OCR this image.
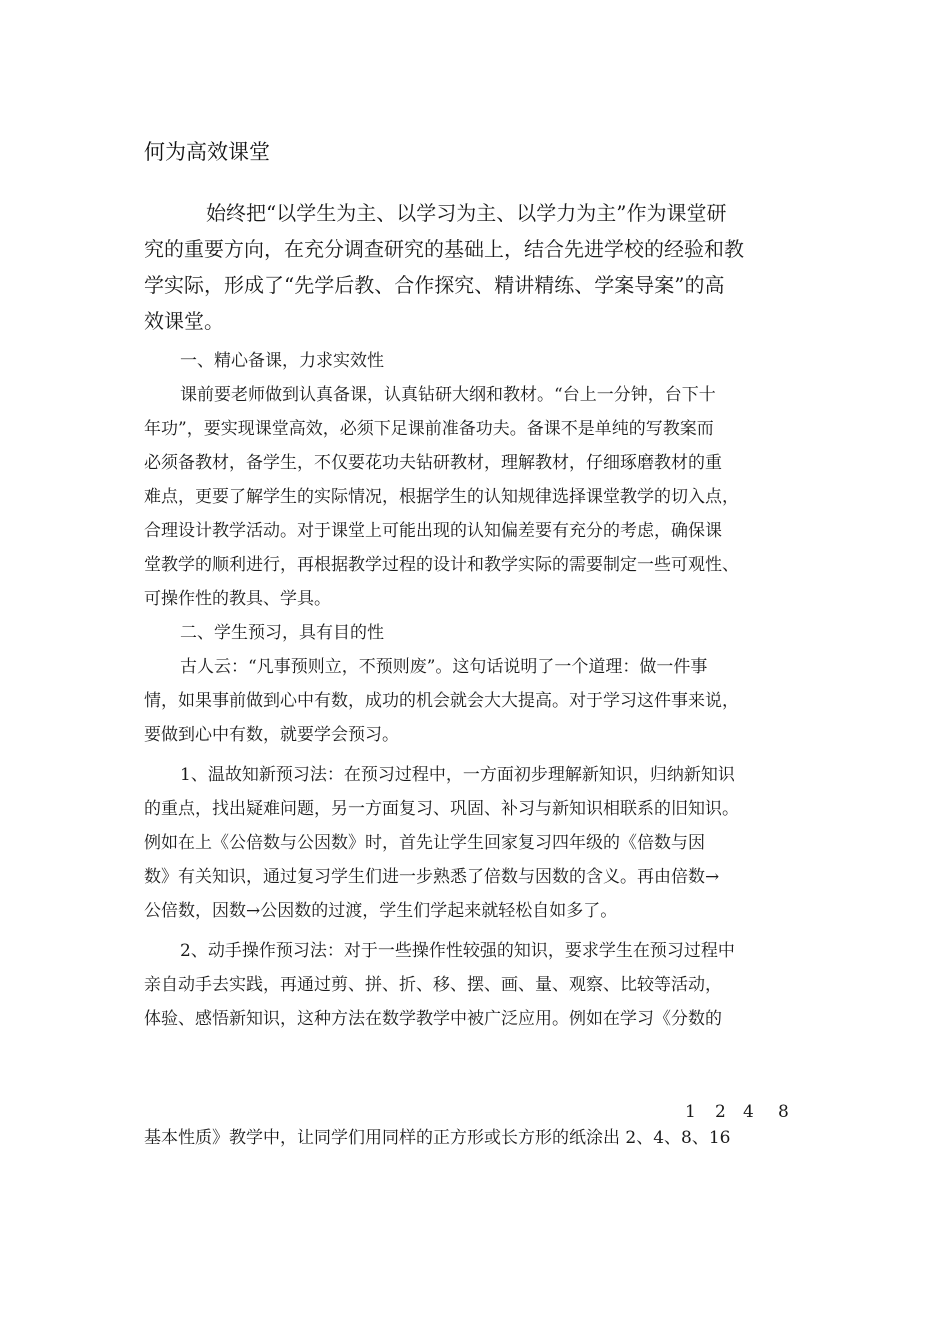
何为高效课堂
始终把“以学生为主、以学习为主、以学力为主”作为课堂研
究的重要方向，在充分调查研究的基础上，结合先进学校的经验和教
学实际，形成了“先学后教、合作探究、精讲精练、学案导案”的高
效课堂。
一、精心备课，力求实效性
课前要老师做到认真备课，认真钻研大纲和教材。“台上一分钟，台下十
年功”，要实现课堂高效，必须下足课前准备功夫。备课不是单纯的写教案而
必须备教材，备学生，不仅要花功夫钻研教材，理解教材，仔细琢磨教材的重
难点，更要了解学生的实际情况，根据学生的认知规律选择课堂教学的切入点，
合理设计教学活动。对于课堂上可能出现的认知偏差要有充分的考虑，确保课
堂教学的顺利进行，再根据教学过程的设计和教学实际的需要制定一些可观性、
可操作性的教具、学具。
二、学生预习，具有目的性
古人云：“凡事预则立，不预则废”。这句话说明了一个道理：做一件事
情，如果事前做到心中有数，成功的机会就会大大提高。对于学习这件事来说，
要做到心中有数，就要学会预习。
1、温故知新预习法：在预习过程中，一方面初步理解新知识，归纳新知识
的重点，找出疑难问题，另一方面复习、巩固、补习与新知识相联系的旧知识。
例如在上《公倍数与公因数》时，首先让学生回家复习四年级的《倍数与因
数》有关知识，通过复习学生们进一步熟悉了倍数与因数的含义。再由倍数→
公倍数，因数→公因数的过渡，学生们学起来就轻松自如多了。
2、动手操作预习法：对于一些操作性较强的知识，要求学生在预习过程中
亲自动手去实践，再通过剪、拼、折、移、摆、画、量、观察、比较等活动，
体验、感悟新知识，这种方法在数学教学中被广泛应用。例如在学习《分数的
1 2 4 8
基本性质》教学中，让同学们用同样的正方形或长方形的纸涂出 2、4、8、16
